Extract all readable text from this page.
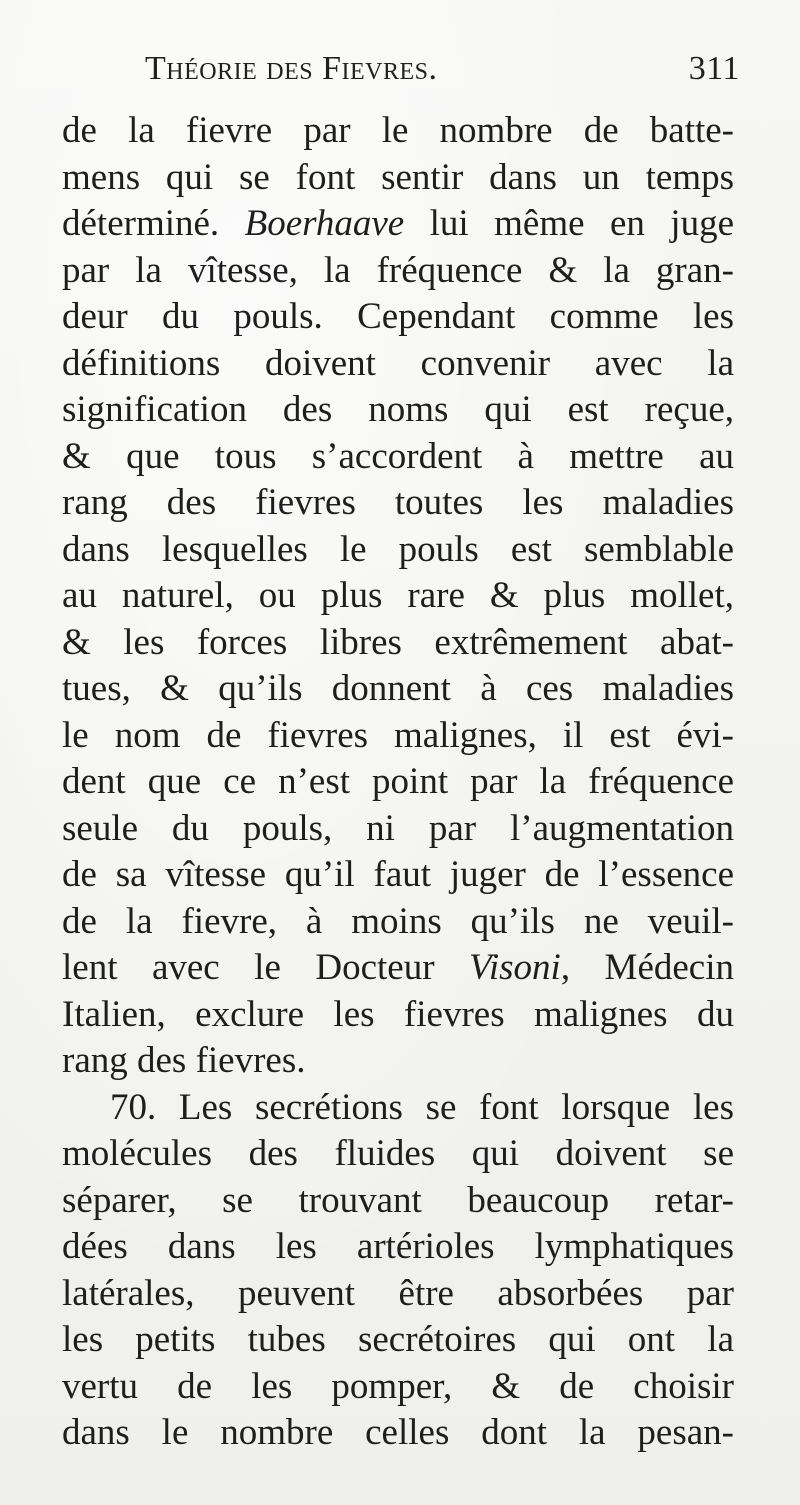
Théorie des Fievres.	311
de la fievre par le nombre de batte-
mens qui se font sentir dans un temps
déterminé. Boerhaave lui même en juge
par la vîtesse, la fréquence & la gran-
deur du pouls. Cependant comme les
définitions doivent convenir avec la
signification des noms qui est reçue,
& que tous s’accordent à mettre au
rang des fievres toutes les maladies
dans lesquelles le pouls est semblable
au naturel, ou plus rare & plus mollet,
& les forces libres extrêmement abat-
tues, & qu’ils donnent à ces maladies
le nom de fievres malignes, il est évi-
dent que ce n’est point par la fréquence
seule du pouls, ni par l’augmentation
de sa vîtesse qu’il faut juger de l’essence
de la fievre, à moins qu’ils ne veuil-
lent avec le Docteur Visoni, Médecin
Italien, exclure les fievres malignes du
rang des fievres.
70. Les secrétions se font lorsque les
molécules des fluides qui doivent se
séparer, se trouvant beaucoup retar-
dées dans les artérioles lymphatiques
latérales, peuvent être absorbées par
les petits tubes secrétoires qui ont la
vertu de les pomper, & de choisir
dans le nombre celles dont la pesan-
